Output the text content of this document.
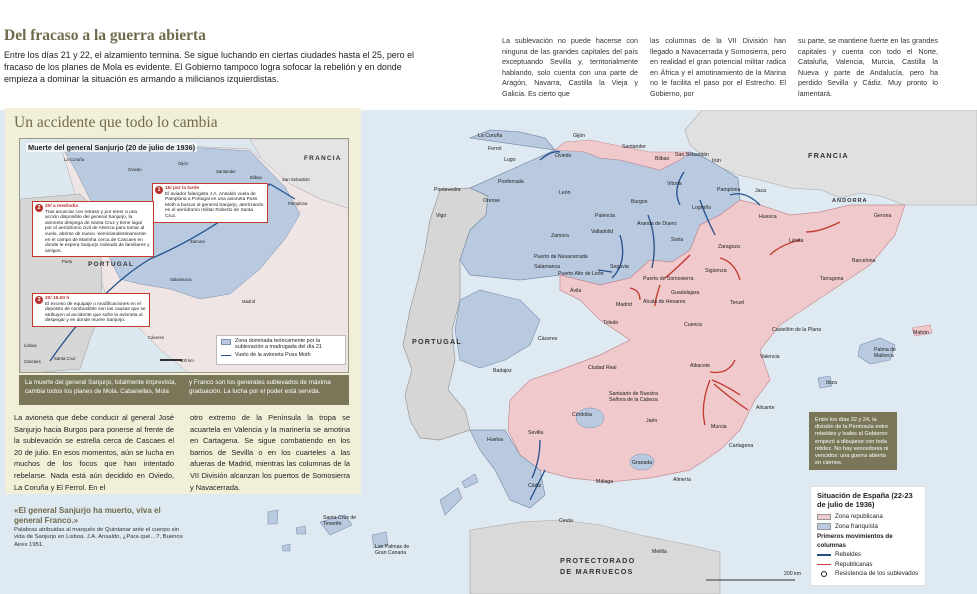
Del fracaso a la guerra abierta
Entre los días 21 y 22, el alzamiento termina. Se sigue luchando en ciertas ciudades hasta el 25, pero el fracaso de los planes de Mola es evidente. El Gobierno tampoco logra sofocar la rebelión y en donde empieza a dominar la situación es armando a milicianos izquierdistas.
La sublevación no puede hacerse con ninguna de las grandes capitales del país exceptuando Sevilla y, territorialmente hablando, solo cuenta con una parte de Aragón, Navarra, Castilla la Vieja y Galicia. Es cierto que
las columnas de la VII División han llegado a Navacerrada y Somosierra, pero en realidad el gran potencial militar radica en África y el amotinamiento de la Marina no le facilita el paso por el Estrecho. El Gobierno, por
su parte, se mantiene fuerte en las grandes capitales y cuenta con todo el Norte, Cataluña, Valencia, Murcia, Castilla la Nueva y parte de Andalucía, pero ha perdido Sevilla y Cádiz. Muy pronto lo lamentará.
FRANCIA
ANDORRA
PORTUGAL
PROTECTORADO DE MARRUECOS	200 km
La Coruña	Gijón
Santander
San Sebastián
Bilbao	Irún
Oviedo
Lugo
Ferrol
Pontevedra
Vigo
Orense
Ponferrada
León
Burgos
Vitoria
Pamplona
Logroño
Huesca
Jaca
Palencia
Zamora
Valladolid
Aranda de Duero
Soria
Zaragoza
Lérida
Gerona
Barcelona
Tarragona
Salamanca	Segovia
Ávila
Puerto de Navacerrada
Puerto de Somosierra
Sigüenza
Guadalajara
Alcalá de Henares
Madrid	Teruel
Toledo	Cuenca
Castellón de la Plana
Cáceres
Valencia
Badajoz	Ciudad Real	Albacete
Alicante
Santuario de Nuestra Señora de la Cabeza
Córdoba
Jaén
Murcia
Cartagena
Sevilla
Huelva
Granada
Almería
Málaga
Cádiz
Ceuta
Melilla
Mahón
Palma de Mallorca
Ibiza
Santa Cruz de Tenerife
Las Palmas de Gran Canaria
Puerto Alto de León
Un accidente que todo lo cambia
Muerte del general Sanjurjo (20 de julio de 1936)
FRANCIA
PORTUGAL
100 km
1 15/ por la tarde
El aviador falangista J.A. Ansaldo vuela de Pamplona a Portugal en una avioneta Puss Moth a buscar al general Sanjurjo, aterrizando en el aeródromo militar Roberto de Santa Cruz.
2 20/ a mediodía
Tras anunciar con retraso y por tener a una acción disponible del general Sanjurjo, la avioneta despega de Santa Cruz y tiene lugar por el aeródromo civil de Alverca para tomar al vuelo, abrirse de nuevo -semiclandestinamente- en el campo de Marinha cerca de Cascaes en donde le espera Sanjurjo rodeado de familiares y amigos.
3 20/ 16.00 h
El exceso de equipaje o modificaciones en el depósito de combustible son las causas que se atribuyen al accidente que sufre la avioneta al despegar y en donde muere Sanjurjo.
Zona dominada teóricamente por la sublevación a madrugada del día 21
Vuelo de la avioneta Puss Moth
La Coruña
Oviedo
Gijón
Santander
Bilbao	San Sebastián
Pamplona
Zamora
Salamanca
Madrid
Cáceres
Porto
Lisboa
Santa Cruz
Cascaes
La muerte del general Sanjurjo, totalmente imprevista, cambia todos los planes de Mola. Cabanellas, Mola
y Franco son los generales sublevados de máxima graduación. La lucha por el poder está servida.
La avioneta que debe conducir al general José Sanjurjo hacia Burgos para ponerse al frente de la sublevación se estrella cerca de Cascaes el 20 de julio. En esos momentos, aún se lucha en muchos de los focos que han intentado rebelarse. Nada está aún decidido en Oviedo, La Coruña y El Ferrol. En el
otro extremo de la Península la tropa se acuartela en Valencia y la marinería se amotina en Cartagena. Se sigue combatiendo en los barrios de Sevilla o en los cuarteles a las afueras de Madrid, mientras las columnas de la VII División alcanzan los puertos de Somosierra y Navacerrada.
«El general Sanjurjo ha muerto, viva el general Franco.»
Palabras atribuidas al marqués de Quintanar ante el cuerpo sin vida de Sanjurjo en Lisboa. J.A. Ansaldo, ¿Para qué…?, Buenos Aires 1951.
Entre los días 22 y 24, la división de la Península entre rebeldes y leales al Gobierno empezó a dibujarse con toda nitidez. No hay vencedores ni vencidos: una guerra abierta en ciernes.
Situación de España (22-23 de julio de 1936)
Zona republicana
Zona franquista
Primeros movimientos de columnas
Rebeldes
Republicanas
Resistencia de los sublevados
